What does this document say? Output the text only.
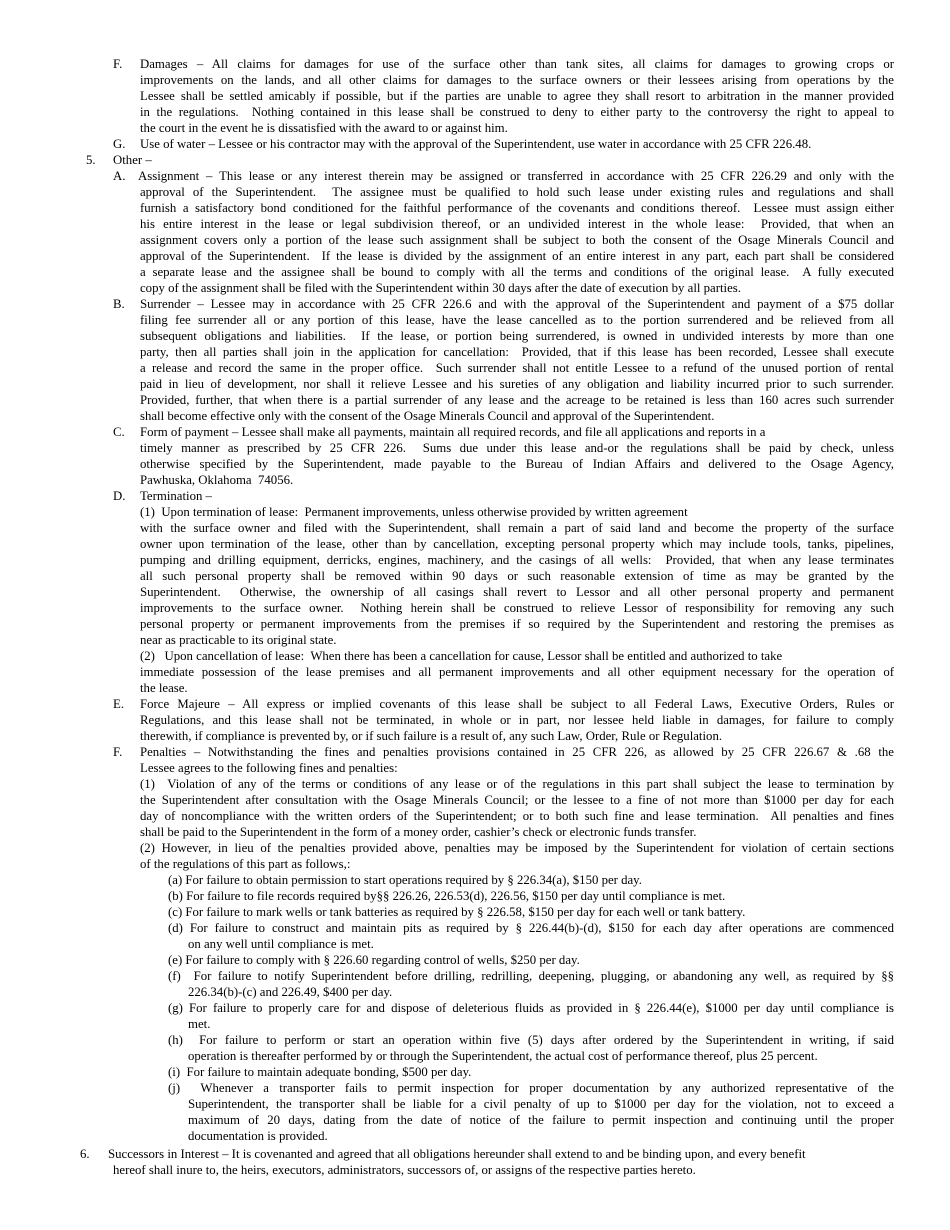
F. Damages – All claims for damages for use of the surface other than tank sites, all claims for damages to growing crops or
improvements on the lands, and all other claims for damages to the surface owners or their lessees arising from operations by the
Lessee shall be settled amicably if possible, but if the parties are unable to agree they shall resort to arbitration in the manner provided
in the regulations.  Nothing contained in this lease shall be construed to deny to either party to the controversy the right to appeal to
the court in the event he is dissatisfied with the award to or against him.
G. Use of water – Lessee or his contractor may with the approval of the Superintendent, use water in accordance with 25 CFR 226.48.
5. Other –
A. Assignment – This lease or any interest therein may be assigned or transferred in accordance with 25 CFR 226.29 and only with the
approval of the Superintendent.  The assignee must be qualified to hold such lease under existing rules and regulations and shall
furnish a satisfactory bond conditioned for the faithful performance of the covenants and conditions thereof.  Lessee must assign either
his entire interest in the lease or legal subdivision thereof, or an undivided interest in the whole lease:  Provided, that when an
assignment covers only a portion of the lease such assignment shall be subject to both the consent of the Osage Minerals Council and
approval of the Superintendent.  If the lease is divided by the assignment of an entire interest in any part, each part shall be considered
a separate lease and the assignee shall be bound to comply with all the terms and conditions of the original lease.  A fully executed
copy of the assignment shall be filed with the Superintendent within 30 days after the date of execution by all parties.
B. Surrender – Lessee may in accordance with 25 CFR 226.6 and with the approval of the Superintendent and payment of a $75 dollar
filing fee surrender all or any portion of this lease, have the lease cancelled as to the portion surrendered and be relieved from all
subsequent obligations and liabilities.  If the lease, or portion being surrendered, is owned in undivided interests by more than one
party, then all parties shall join in the application for cancellation:  Provided, that if this lease has been recorded, Lessee shall execute
a release and record the same in the proper office.  Such surrender shall not entitle Lessee to a refund of the unused portion of rental
paid in lieu of development, nor shall it relieve Lessee and his sureties of any obligation and liability incurred prior to such surrender.
Provided, further, that when there is a partial surrender of any lease and the acreage to be retained is less than 160 acres such surrender
shall become effective only with the consent of the Osage Minerals Council and approval of the Superintendent.
C. Form of payment – Lessee shall make all payments, maintain all required records, and file all applications and reports in a
timely manner as prescribed by 25 CFR 226.  Sums due under this lease and-or the regulations shall be paid by check, unless
otherwise specified by the Superintendent, made payable to the Bureau of Indian Affairs and delivered to the Osage Agency,
Pawhuska, Oklahoma  74056.
D. Termination –
(1)  Upon termination of lease:  Permanent improvements, unless otherwise provided by written agreement
with the surface owner and filed with the Superintendent, shall remain a part of said land and become the property of the surface
owner upon termination of the lease, other than by cancellation, excepting personal property which may include tools, tanks, pipelines,
pumping and drilling equipment, derricks, engines, machinery, and the casings of all wells:  Provided, that when any lease terminates
all such personal property shall be removed within 90 days or such reasonable extension of time as may be granted by the
Superintendent.  Otherwise, the ownership of all casings shall revert to Lessor and all other personal property and permanent
improvements to the surface owner.  Nothing herein shall be construed to relieve Lessor of responsibility for removing any such
personal property or permanent improvements from the premises if so required by the Superintendent and restoring the premises as
near as practicable to its original state.
(2)   Upon cancellation of lease:  When there has been a cancellation for cause, Lessor shall be entitled and authorized to take
immediate possession of the lease premises and all permanent improvements and all other equipment necessary for the operation of
the lease.
E. Force Majeure – All express or implied covenants of this lease shall be subject to all Federal Laws, Executive Orders, Rules or
Regulations, and this lease shall not be terminated, in whole or in part, nor lessee held liable in damages, for failure to comply
therewith, if compliance is prevented by, or if such failure is a result of, any such Law, Order, Rule or Regulation.
F. Penalties – Notwithstanding the fines and penalties provisions contained in 25 CFR 226, as allowed by 25 CFR 226.67 & .68 the
Lessee agrees to the following fines and penalties:
(1)  Violation of any of the terms or conditions of any lease or of the regulations in this part shall subject the lease to termination by
the Superintendent after consultation with the Osage Minerals Council; or the lessee to a fine of not more than $1000 per day for each
day of noncompliance with the written orders of the Superintendent; or to both such fine and lease termination.  All penalties and fines
shall be paid to the Superintendent in the form of a money order, cashier’s check or electronic funds transfer.
(2) However, in lieu of the penalties provided above, penalties may be imposed by the Superintendent for violation of certain sections
of the regulations of this part as follows,:
(a) For failure to obtain permission to start operations required by § 226.34(a), $150 per day.
(b) For failure to file records required by§§ 226.26, 226.53(d), 226.56, $150 per day until compliance is met.
(c) For failure to mark wells or tank batteries as required by § 226.58, $150 per day for each well or tank battery.
(d) For failure to construct and maintain pits as required by § 226.44(b)-(d), $150 for each day after operations are commenced
on any well until compliance is met.
(e) For failure to comply with § 226.60 regarding control of wells, $250 per day.
(f)  For failure to notify Superintendent before drilling, redrilling, deepening, plugging, or abandoning any well, as required by §§
226.34(b)-(c) and 226.49, $400 per day.
(g) For failure to properly care for and dispose of deleterious fluids as provided in § 226.44(e), $1000 per day until compliance is
met.
(h)  For failure to perform or start an operation within five (5) days after ordered by the Superintendent in writing, if said
operation is thereafter performed by or through the Superintendent, the actual cost of performance thereof, plus 25 percent.
(i)  For failure to maintain adequate bonding, $500 per day.
(j)  Whenever a transporter fails to permit inspection for proper documentation by any authorized representative of the
Superintendent, the transporter shall be liable for a civil penalty of up to $1000 per day for the violation, not to exceed a
maximum of 20 days, dating from the date of notice of the failure to permit inspection and continuing until the proper
documentation is provided.
6. Successors in Interest – It is covenanted and agreed that all obligations hereunder shall extend to and be binding upon, and every benefit
hereof shall inure to, the heirs, executors, administrators, successors of, or assigns of the respective parties hereto.
